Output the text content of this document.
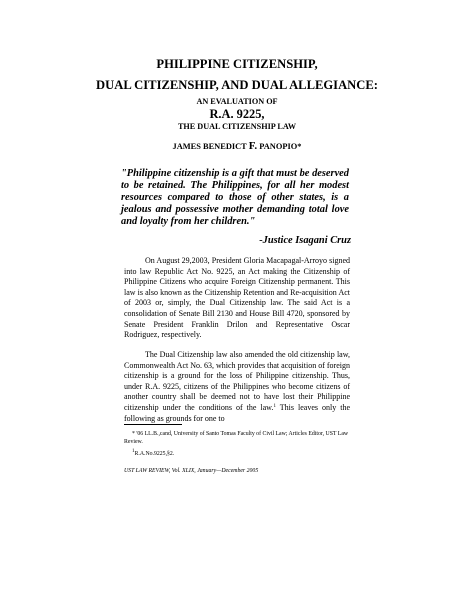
PHILIPPINE CITIZENSHIP,
DUAL CITIZENSHIP, AND DUAL ALLEGIANCE:
AN EVALUATION OF
R.A. 9225,
THE DUAL CITIZENSHIP LAW
JAMES BENEDICT F. PANOPIO*
"Philippine citizenship is a gift that must be deserved to be retained. The Philippines, for all her modest resources compared to those of other states, is a jealous and possessive mother demanding total love and loyalty from her children."
-Justice Isagani Cruz
On August 29,2003, President Gloria Macapagal-Arroyo signed into law Republic Act No. 9225, an Act making the Citizenship of Philippine Citizens who acquire Foreign Citizenship permanent. This law is also known as the Citizenship Retention and Re-acquisition Act of 2003 or, simply, the Dual Citizenship law. The said Act is a consolidation of Senate Bill 2130 and House Bill 4720, sponsored by Senate President Franklin Drilon and Representative Oscar Rodriguez, respectively.
The Dual Citizenship law also amended the old citizenship law, Commonwealth Act No. 63, which provides that acquisition of foreign citizenship is a ground for the loss of Philippine citizenship. Thus, under R.A. 9225, citizens of the Philippines who become citizens of another country shall be deemed not to have lost their Philippine citizenship under the conditions of the law.$^1$ This leaves only the following as grounds for one to
* '06 LL.B.,cand, University of Santo Tomas Faculty of Civil Law; Articles Editor, UST Law Review.
$^1$R.A.No.9225,§2.
UST LAW REVIEW, Vol. XLIX, January—December 2005
